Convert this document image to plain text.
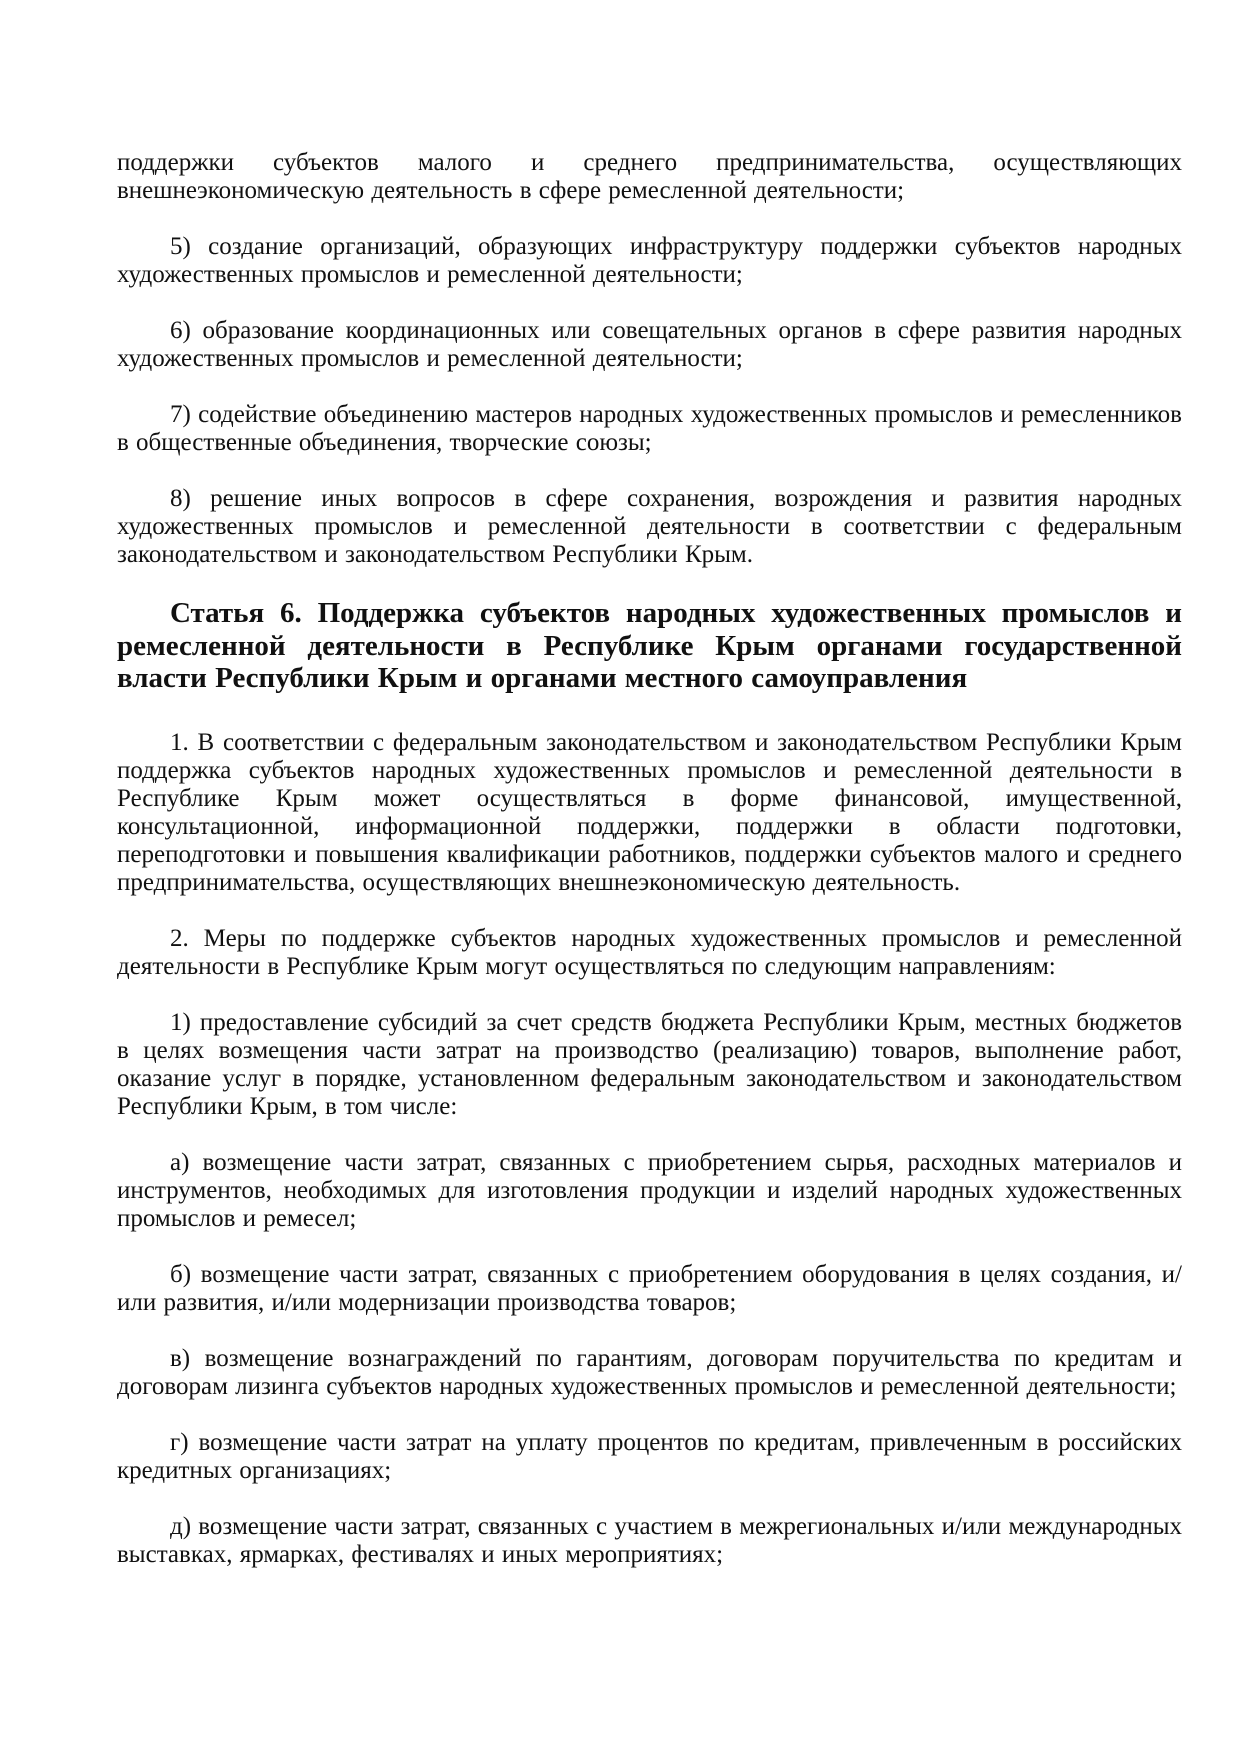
поддержки субъектов малого и среднего предпринимательства, осуществляющих внешнеэкономическую деятельность в сфере ремесленной деятельности;

5) создание организаций, образующих инфраструктуру поддержки субъектов народных художественных промыслов и ремесленной деятельности;

6) образование координационных или совещательных органов в сфере развития народных художественных промыслов и ремесленной деятельности;

7) содействие объединению мастеров народных художественных промыслов и ремесленников в общественные объединения, творческие союзы;

8) решение иных вопросов в сфере сохранения, возрождения и развития народных художественных промыслов и ремесленной деятельности в соответствии с федеральным законодательством и законодательством Республики Крым.

Статья 6. Поддержка субъектов народных художественных промыслов и ремесленной деятельности в Республике Крым органами государственной власти Республики Крым и органами местного самоуправления

1. В соответствии с федеральным законодательством и законодательством Республики Крым поддержка субъектов народных художественных промыслов и ремесленной деятельности в Республике Крым может осуществляться в форме финансовой, имущественной, консультационной, информационной поддержки, поддержки в области подготовки, переподготовки и повышения квалификации работников, поддержки субъектов малого и среднего предпринимательства, осуществляющих внешнеэкономическую деятельность.

2. Меры по поддержке субъектов народных художественных промыслов и ремесленной деятельности в Республике Крым могут осуществляться по следующим направлениям:

1) предоставление субсидий за счет средств бюджета Республики Крым, местных бюджетов в целях возмещения части затрат на производство (реализацию) товаров, выполнение работ, оказание услуг в порядке, установленном федеральным законодательством и законодательством Республики Крым, в том числе:

а) возмещение части затрат, связанных с приобретением сырья, расходных материалов и инструментов, необходимых для изготовления продукции и изделий народных художественных промыслов и ремесел;

б) возмещение части затрат, связанных с приобретением оборудования в целях создания, и/или развития, и/или модернизации производства товаров;

в) возмещение вознаграждений по гарантиям, договорам поручительства по кредитам и договорам лизинга субъектов народных художественных промыслов и ремесленной деятельности;

г) возмещение части затрат на уплату процентов по кредитам, привлеченным в российских кредитных организациях;

д) возмещение части затрат, связанных с участием в межрегиональных и/или международных выставках, ярмарках, фестивалях и иных мероприятиях;
